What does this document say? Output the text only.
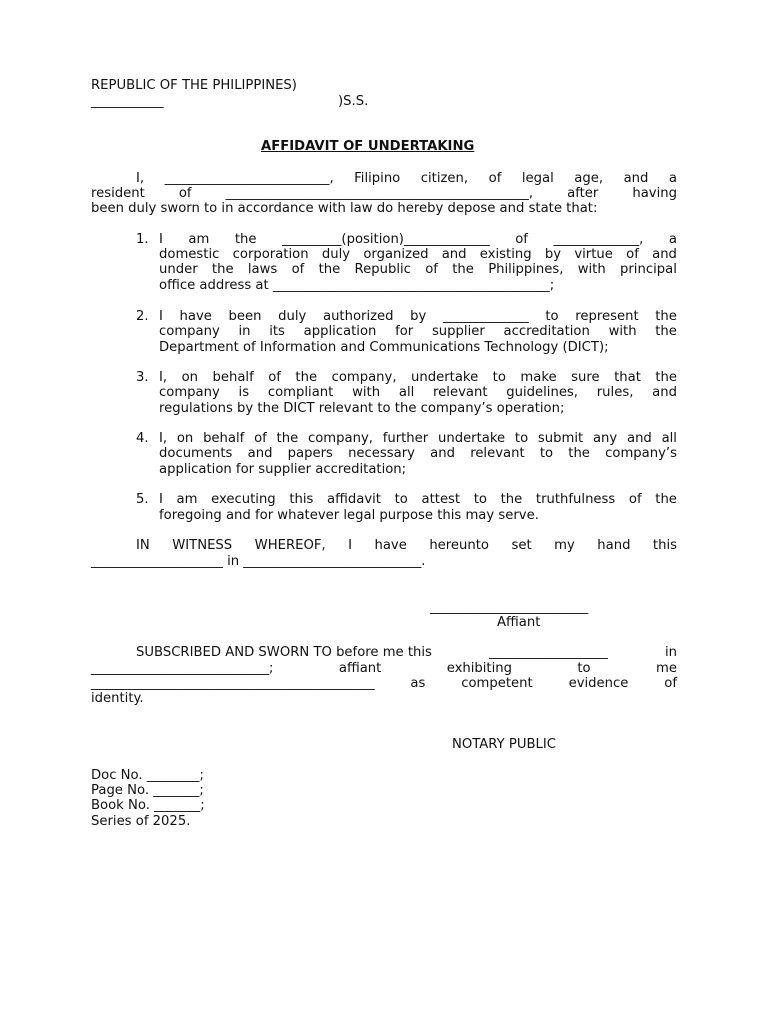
REPUBLIC OF THE PHILIPPINES)
___________	)S.S.
AFFIDAVIT OF UNDERTAKING
I, _________________________, Filipino citizen, of legal age, and a
resident	of	______________________________________________,	after	having
been duly sworn to in accordance with law do hereby depose and state that:
1. I am the _________(position)_____________ of _____________, a
domestic corporation duly organized and existing by virtue of and
under the laws of the Republic of the Philippines, with principal
office address at __________________________________________;
2. I have been duly authorized by _____________ to represent the
company in its application for supplier accreditation with the
Department of Information and Communications Technology (DICT);
3. I, on behalf of the company, undertake to make sure that the
company is compliant with all relevant guidelines, rules, and
regulations by the DICT relevant to the company’s operation;
4. I, on behalf of the company, further undertake to submit any and all
documents and papers necessary and relevant to the company’s
application for supplier accreditation;
5. I am executing this affidavit to attest to the truthfulness of the
foregoing and for whatever legal purpose this may serve.
IN WITNESS WHEREOF, I have hereunto set my hand this
____________________ in ___________________________.
________________________
Affiant
SUBSCRIBED AND SWORN TO before me this	__________________	in
___________________________;	affiant	exhibiting	to	me
___________________________________________	as	competent	evidence	of
identity.
NOTARY PUBLIC
Doc No. ________;
Page No. _______;
Book No. _______;
Series of 2025.
